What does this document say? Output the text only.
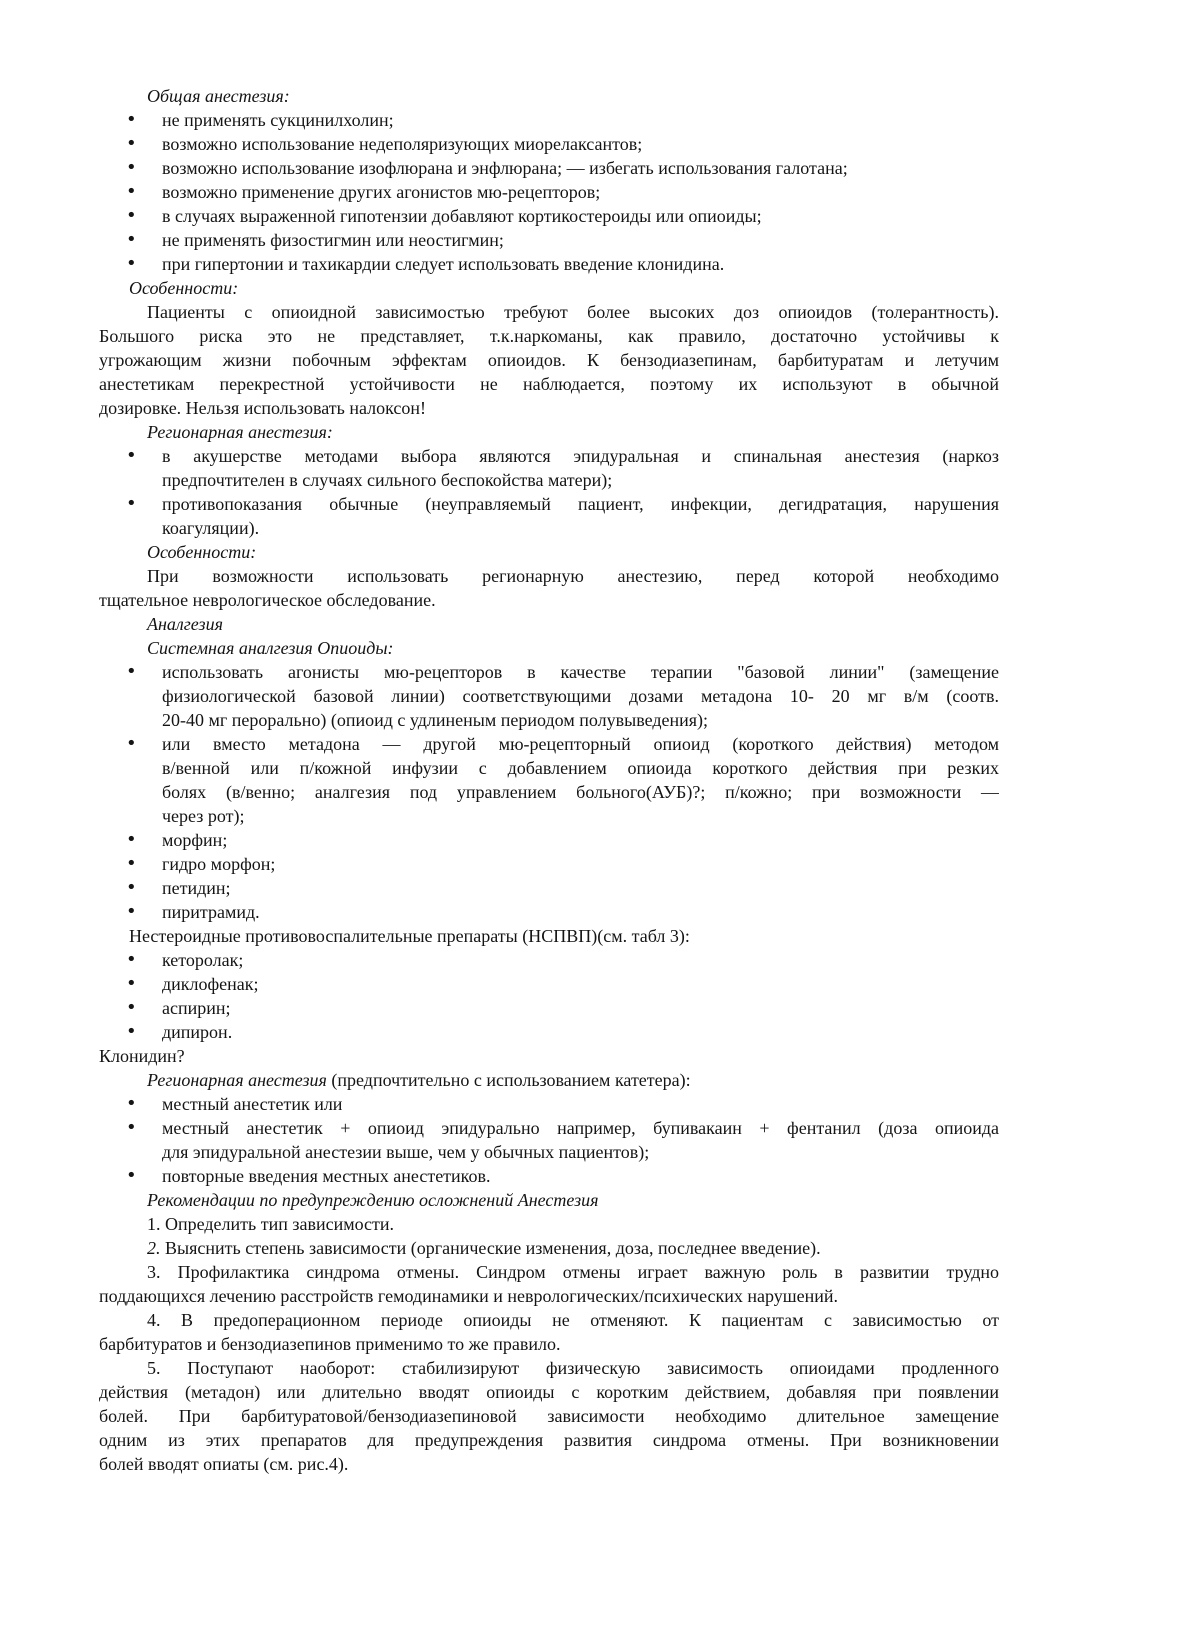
Общая анестезия:
• не применять сукцинилхолин;
• возможно использование недеполяризующих миорелаксантов;
• возможно использование изофлюрана и энфлюрана; — избегать использования галотана;
• возможно применение других агонистов мю-рецепторов;
• в случаях выраженной гипотензии добавляют кортикостероиды или опиоиды;
• не применять физостигмин или неостигмин;
• при гипертонии и тахикардии следует использовать введение клонидина.
Особенности:
Пациенты с опиоидной зависимостью требуют более высоких доз опиоидов (толерантность).
Большого риска это не представляет, т.к.наркоманы, как правило, достаточно устойчивы к
угрожающим жизни побочным эффектам опиоидов. К бензодиазепинам, барбитуратам и летучим
анестетикам перекрестной устойчивости не наблюдается, поэтому их используют в обычной
дозировке. Нельзя использовать налоксон!
Регионарная анестезия:
• в акушерстве методами выбора являются эпидуральная и спинальная анестезия (наркоз
предпочтителен в случаях сильного беспокойства матери);
• противопоказания обычные (неуправляемый пациент, инфекции, дегидратация, нарушения
коагуляции).
Особенности:
При возможности использовать регионарную анестезию, перед которой необходимо
тщательное неврологическое обследование.
Аналгезия
Системная аналгезия Опиоиды:
• использовать агонисты мю-рецепторов в качестве терапии "базовой линии" (замещение
физиологической базовой линии) соответствующими дозами метадона 10- 20 мг в/м (соотв.
20-40 мг перорально) (опиоид с удлиненым периодом полувыведения);
• или вместо метадона — другой мю-рецепторный опиоид (короткого действия) методом
в/венной или п/кожной инфузии с добавлением опиоида короткого действия при резких
болях (в/венно; аналгезия под управлением больного(АУБ)?; п/кожно; при возможности —
через рот);
• морфин;
• гидро морфон;
• петидин;
• пиритрамид.
Нестероидные противовоспалительные препараты (НСПВП)(см. табл 3):
• кеторолак;
• диклофенак;
• аспирин;
• дипирон.
Клонидин?
Регионарная анестезия (предпочтительно с использованием катетера):
• местный анестетик или
• местный анестетик + опиоид эпидурально например, бупивакаин + фентанил (доза опиоида
для эпидуральной анестезии выше, чем у обычных пациентов);
• повторные введения местных анестетиков.
Рекомендации по предупреждению осложнений Анестезия
1. Определить тип зависимости.
2. Выяснить степень зависимости (органические изменения, доза, последнее введение).
3. Профилактика синдрома отмены. Синдром отмены играет важную роль в развитии трудно
поддающихся лечению расстройств гемодинамики и неврологических/психических нарушений.
4. В предоперационном периоде опиоиды не отменяют. К пациентам с зависимостью от
барбитуратов и бензодиазепинов применимо то же правило.
5. Поступают наоборот: стабилизируют физическую зависимость опиоидами продленного
действия (метадон) или длительно вводят опиоиды с коротким действием, добавляя при появлении
болей. При барбитуратовой/бензодиазепиновой зависимости необходимо длительное замещение
одним из этих препаратов для предупреждения развития синдрома отмены. При возникновении
болей вводят опиаты (см. рис.4).
